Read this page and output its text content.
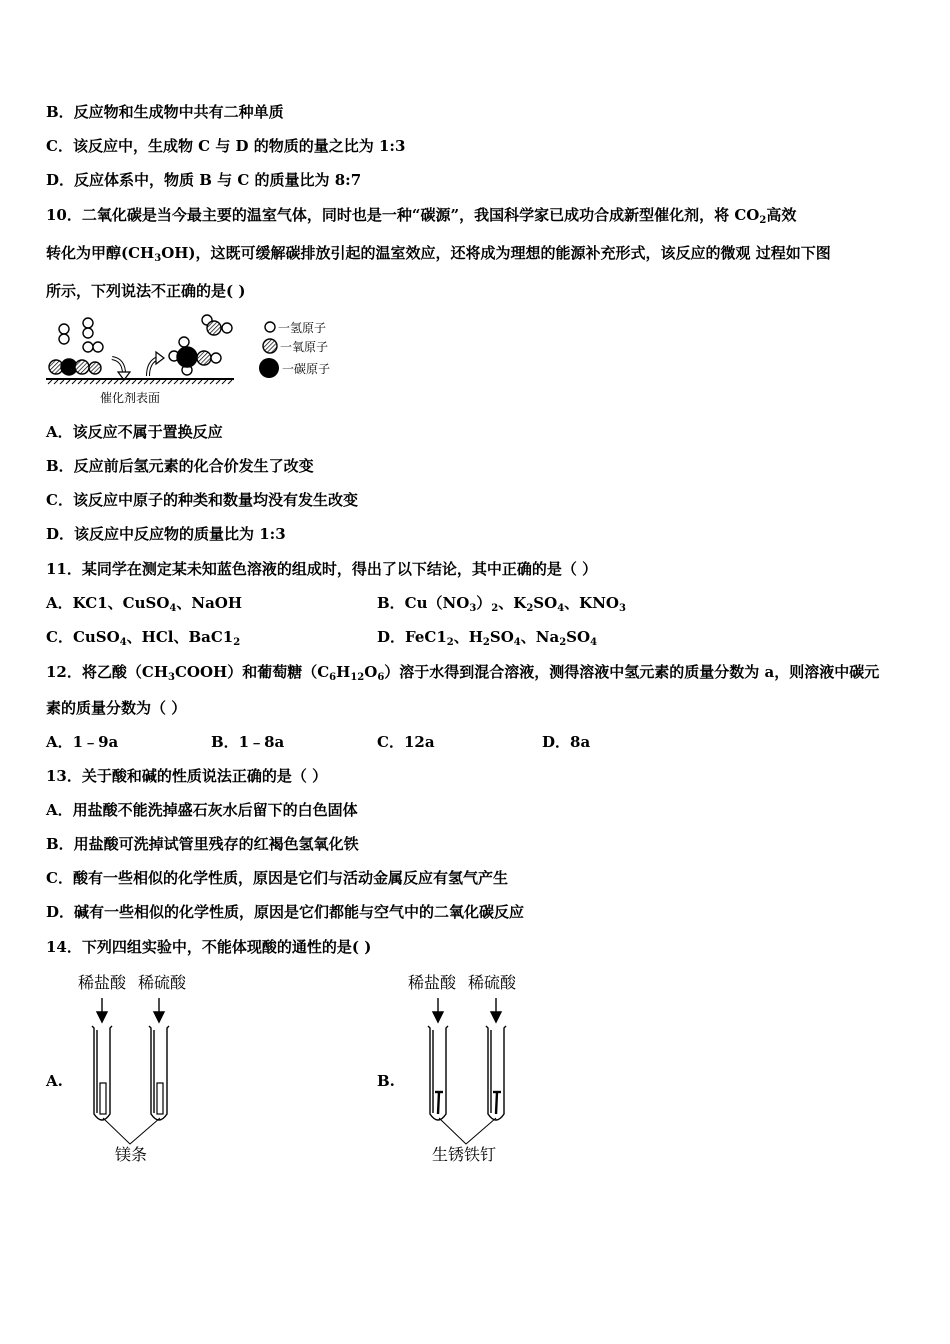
B．反应物和生成物中共有二种单质
C．该反应中，生成物 C 与 D 的物质的量之比为 1:3
D．反应体系中，物质 B 与 C 的质量比为 8:7
10．二氧化碳是当今最主要的温室气体，同时也是一种“碳源”，我国科学家已成功合成新型催化剂，将 $CO_2$高效
转化为甲醇$(CH_3OH)$，这既可缓解碳排放引起的温室效应，还将成为理想的能源补充形式，该反应的微观 过程如下图
所示，下列说法不正确的是( )
催化剂表面
一氢原子
一氧原子
一碳原子
A．该反应不属于置换反应
B．反应前后氢元素的化合价发生了改变
C．该反应中原子的种类和数量均没有发生改变
D．该反应中反应物的质量比为 1:3
11．某同学在测定某未知蓝色溶液的组成时，得出了以下结论，其中正确的是（ ）
A．KC1、CuSO$_4$、NaOH	B．$Cu(NO_3)_2$、$K_2SO_4$、$KNO_3$
C．CuSO$_4$、HCl、$BaC1_2$	D．$FeC1_2$、$H_2SO_4$、$Na_2SO_4$
12．将乙酸$(CH_3COOH)$和葡萄糖$(C_6H_{12}O_6)$溶于水得到混合溶液，测得溶液中氢元素的质量分数为 a，则溶液中碳元
素的质量分数为（ ）
A．1﹣9a	B．1﹣8a	C．12a	D．8a
13．关于酸和碱的性质说法正确的是（ ）
A．用盐酸不能洗掉盛石灰水后留下的白色固体
B．用盐酸可洗掉试管里残存的红褐色氢氧化铁
C．酸有一些相似的化学性质，原因是它们与活动金属反应有氢气产生
D．碱有一些相似的化学性质，原因是它们都能与空气中的二氧化碳反应
14．下列四组实验中，不能体现酸的通性的是( )
A.	B.
稀盐酸 稀硫酸
镁条
稀盐酸 稀硫酸
生锈铁钉
